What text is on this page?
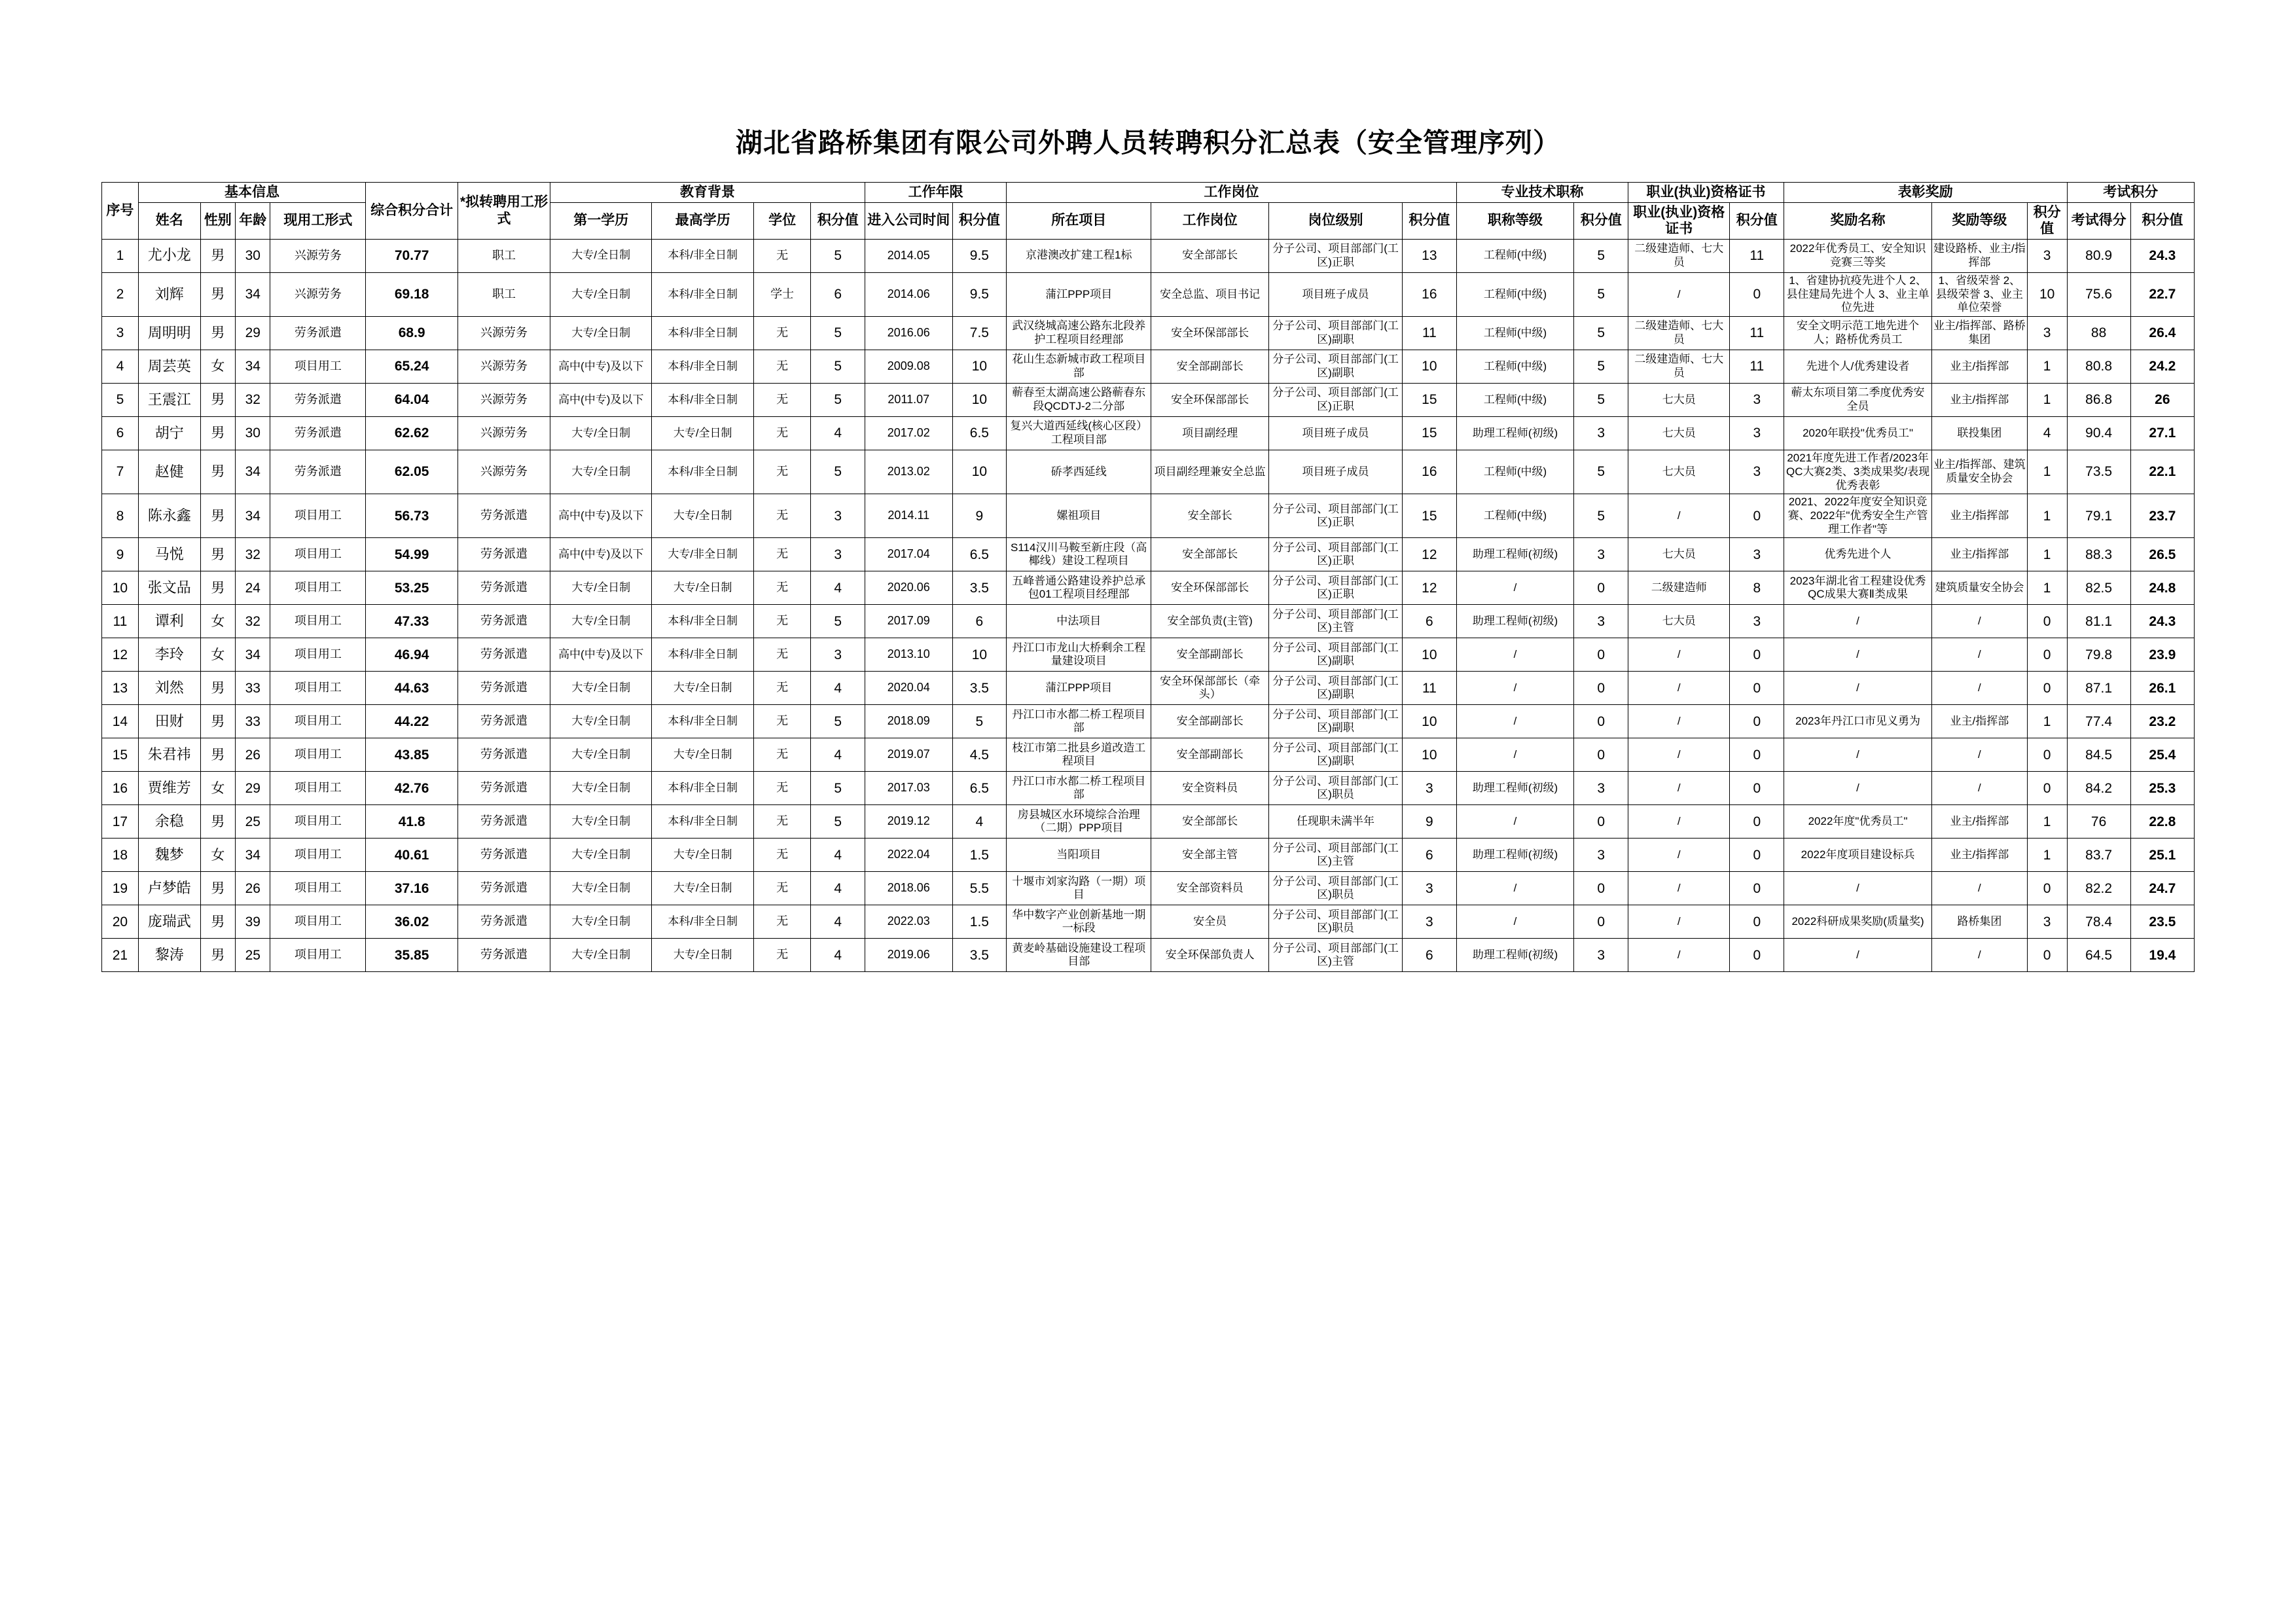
湖北省路桥集团有限公司外聘人员转聘积分汇总表（安全管理序列）
序号	基本信息				综合积分合计	*拟转聘用工形式	教育背景				工作年限		工作岗位				专业技术职称		职业(执业)资格证书		表彰奖励			考试积分	
	姓名	性别	年龄	现用工形式			第一学历	最高学历	学位	积分值	进入公司时间	积分值	所在项目	工作岗位	岗位级别	积分值	职称等级	积分值	职业(执业)资格证书	积分值	奖励名称	奖励等级	积分值	考试得分	积分值
1	尤小龙	男	30	兴源劳务	70.77	职工	大专/全日制	本科/非全日制	无	5	2014.05	9.5	京港澳改扩建工程1标	安全部部长	分子公司、项目部部门(工区)正职	13	工程师(中级)	5	二级建造师、七大员	11	2022年优秀员工、安全知识竞赛三等奖	建设路桥、业主/指挥部	3	80.9	24.3
2	刘辉	男	34	兴源劳务	69.18	职工	大专/全日制	本科/非全日制	学士	6	2014.06	9.5	蒲江PPP项目	安全总监、项目书记	项目班子成员	16	工程师(中级)	5	/	0	1、省建协抗疫先进个人 2、县住建局先进个人 3、业主单位先进	1、省级荣誉 2、县级荣誉 3、业主单位荣誉	10	75.6	22.7
3	周明明	男	29	劳务派遣	68.9	兴源劳务	大专/全日制	本科/非全日制	无	5	2016.06	7.5	武汉绕城高速公路东北段养护工程项目经理部	安全环保部部长	分子公司、项目部部门(工区)副职	11	工程师(中级)	5	二级建造师、七大员	11	安全文明示范工地先进个人；路桥优秀员工	业主/指挥部、路桥集团	3	88	26.4
4	周芸英	女	34	项目用工	65.24	兴源劳务	高中(中专)及以下	本科/非全日制	无	5	2009.08	10	花山生态新城市政工程项目部	安全部副部长	分子公司、项目部部门(工区)副职	10	工程师(中级)	5	二级建造师、七大员	11	先进个人/优秀建设者	业主/指挥部	1	80.8	24.2
5	王震江	男	32	劳务派遣	64.04	兴源劳务	高中(中专)及以下	本科/非全日制	无	5	2011.07	10	蕲春至太湖高速公路蕲春东段QCDTJ-2二分部	安全环保部部长	分子公司、项目部部门(工区)正职	15	工程师(中级)	5	七大员	3	蕲太东项目第二季度优秀安全员	业主/指挥部	1	86.8	26
6	胡宁	男	30	劳务派遣	62.62	兴源劳务	大专/全日制	大专/全日制	无	4	2017.02	6.5	复兴大道西延线(核心区段）工程项目部	项目副经理	项目班子成员	15	助理工程师(初级)	3	七大员	3	2020年联投"优秀员工"	联投集团	4	90.4	27.1
7	赵健	男	34	劳务派遣	62.05	兴源劳务	大专/全日制	本科/非全日制	无	5	2013.02	10	硚孝西延线	项目副经理兼安全总监	项目班子成员	16	工程师(中级)	5	七大员	3	2021年度先进工作者/2023年QC大赛2类、3类成果奖/表现优秀表彰	业主/指挥部、建筑质量安全协会	1	73.5	22.1
8	陈永鑫	男	34	项目用工	56.73	劳务派遣	高中(中专)及以下	大专/全日制	无	3	2014.11	9	嫘祖项目	安全部长	分子公司、项目部部门(工区)正职	15	工程师(中级)	5	/	0	2021、2022年度安全知识竞赛、2022年"优秀安全生产管理工作者"等	业主/指挥部	1	79.1	23.7
9	马悦	男	32	项目用工	54.99	劳务派遣	高中(中专)及以下	大专/非全日制	无	3	2017.04	6.5	S114汉川马鞍至新庄段（高椰线）建设工程项目	安全部部长	分子公司、项目部部门(工区)正职	12	助理工程师(初级)	3	七大员	3	优秀先进个人	业主/指挥部	1	88.3	26.5
10	张文品	男	24	项目用工	53.25	劳务派遣	大专/全日制	大专/全日制	无	4	2020.06	3.5	五峰普通公路建设养护总承包01工程项目经理部	安全环保部部长	分子公司、项目部部门(工区)正职	12	/	0	二级建造师	8	2023年湖北省工程建设优秀QC成果大赛Ⅱ类成果	建筑质量安全协会	1	82.5	24.8
11	谭利	女	32	项目用工	47.33	劳务派遣	大专/全日制	本科/非全日制	无	5	2017.09	6	中法项目	安全部负责(主管)	分子公司、项目部部门(工区)主管	6	助理工程师(初级)	3	七大员	3	/	/	0	81.1	24.3
12	李玲	女	34	项目用工	46.94	劳务派遣	高中(中专)及以下	本科/非全日制	无	3	2013.10	10	丹江口市龙山大桥剩余工程量建设项目	安全部副部长	分子公司、项目部部门(工区)副职	10	/	0	/	0	/	/	0	79.8	23.9
13	刘然	男	33	项目用工	44.63	劳务派遣	大专/全日制	大专/全日制	无	4	2020.04	3.5	蒲江PPP项目	安全环保部部长（牵头）	分子公司、项目部部门(工区)副职	11	/	0	/	0	/	/	0	87.1	26.1
14	田财	男	33	项目用工	44.22	劳务派遣	大专/全日制	本科/非全日制	无	5	2018.09	5	丹江口市水都二桥工程项目部	安全部副部长	分子公司、项目部部门(工区)副职	10	/	0	/	0	2023年丹江口市见义勇为	业主/指挥部	1	77.4	23.2
15	朱君祎	男	26	项目用工	43.85	劳务派遣	大专/全日制	大专/全日制	无	4	2019.07	4.5	枝江市第二批县乡道改造工程项目	安全部副部长	分子公司、项目部部门(工区)副职	10	/	0	/	0	/	/	0	84.5	25.4
16	贾维芳	女	29	项目用工	42.76	劳务派遣	大专/全日制	本科/非全日制	无	5	2017.03	6.5	丹江口市水都二桥工程项目部	安全资料员	分子公司、项目部部门(工区)职员	3	助理工程师(初级)	3	/	0	/	/	0	84.2	25.3
17	余稳	男	25	项目用工	41.8	劳务派遣	大专/全日制	本科/非全日制	无	5	2019.12	4	房县城区水环境综合治理（二期）PPP项目	安全部部长	任现职未满半年	9	/	0	/	0	2022年度"优秀员工"	业主/指挥部	1	76	22.8
18	魏梦	女	34	项目用工	40.61	劳务派遣	大专/全日制	大专/全日制	无	4	2022.04	1.5	当阳项目	安全部主管	分子公司、项目部部门(工区)主管	6	助理工程师(初级)	3	/	0	2022年度项目建设标兵	业主/指挥部	1	83.7	25.1
19	卢梦皓	男	26	项目用工	37.16	劳务派遣	大专/全日制	大专/全日制	无	4	2018.06	5.5	十堰市刘家沟路（一期）项目	安全部资料员	分子公司、项目部部门(工区)职员	3	/	0	/	0	/	/	0	82.2	24.7
20	庞瑞武	男	39	项目用工	36.02	劳务派遣	大专/全日制	本科/非全日制	无	4	2022.03	1.5	华中数字产业创新基地一期一标段	安全员	分子公司、项目部部门(工区)职员	3	/	0	/	0	2022科研成果奖励(质量奖)	路桥集团	3	78.4	23.5
21	黎涛	男	25	项目用工	35.85	劳务派遣	大专/全日制	大专/全日制	无	4	2019.06	3.5	黄麦岭基础设施建设工程项目部	安全环保部负责人	分子公司、项目部部门(工区)主管	6	助理工程师(初级)	3	/	0	/	/	0	64.5	19.4
